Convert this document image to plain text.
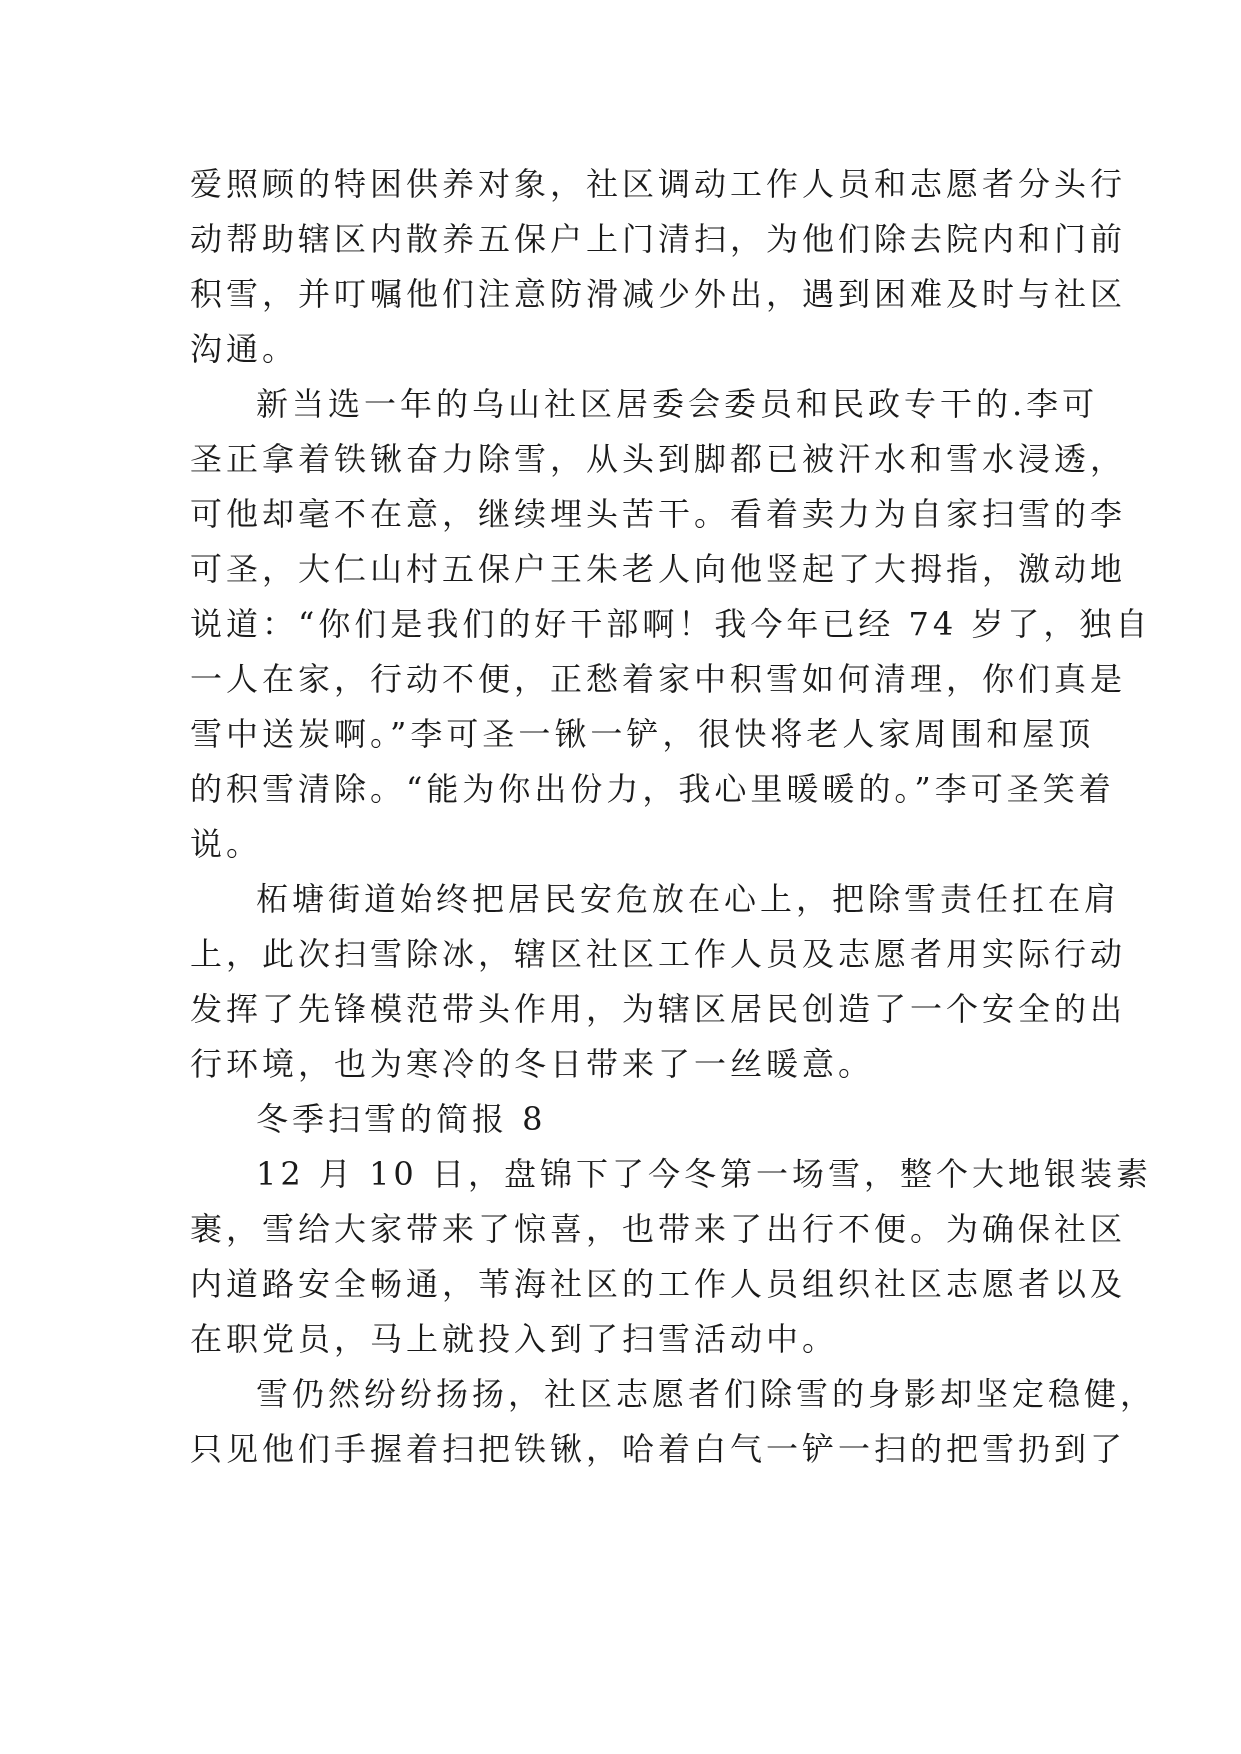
爱照顾的特困供养对象，社区调动工作人员和志愿者分头行
动帮助辖区内散养五保户上门清扫，为他们除去院内和门前
积雪，并叮嘱他们注意防滑减少外出，遇到困难及时与社区
沟通。
新当选一年的乌山社区居委会委员和民政专干的.李可
圣正拿着铁锹奋力除雪，从头到脚都已被汗水和雪水浸透，
可他却毫不在意，继续埋头苦干。看着卖力为自家扫雪的李
可圣，大仁山村五保户王朱老人向他竖起了大拇指，激动地
说道：“你们是我们的好干部啊！我今年已经 74 岁了，独自
一人在家，行动不便，正愁着家中积雪如何清理，你们真是
雪中送炭啊。”李可圣一锹一铲，很快将老人家周围和屋顶
的积雪清除。“能为你出份力，我心里暖暖的。”李可圣笑着
说。
柘塘街道始终把居民安危放在心上，把除雪责任扛在肩
上，此次扫雪除冰，辖区社区工作人员及志愿者用实际行动
发挥了先锋模范带头作用，为辖区居民创造了一个安全的出
行环境，也为寒冷的冬日带来了一丝暖意。
冬季扫雪的简报 8
12 月 10 日，盘锦下了今冬第一场雪，整个大地银装素
裹，雪给大家带来了惊喜，也带来了出行不便。为确保社区
内道路安全畅通，苇海社区的工作人员组织社区志愿者以及
在职党员，马上就投入到了扫雪活动中。
雪仍然纷纷扬扬，社区志愿者们除雪的身影却坚定稳健，
只见他们手握着扫把铁锹，哈着白气一铲一扫的把雪扔到了
